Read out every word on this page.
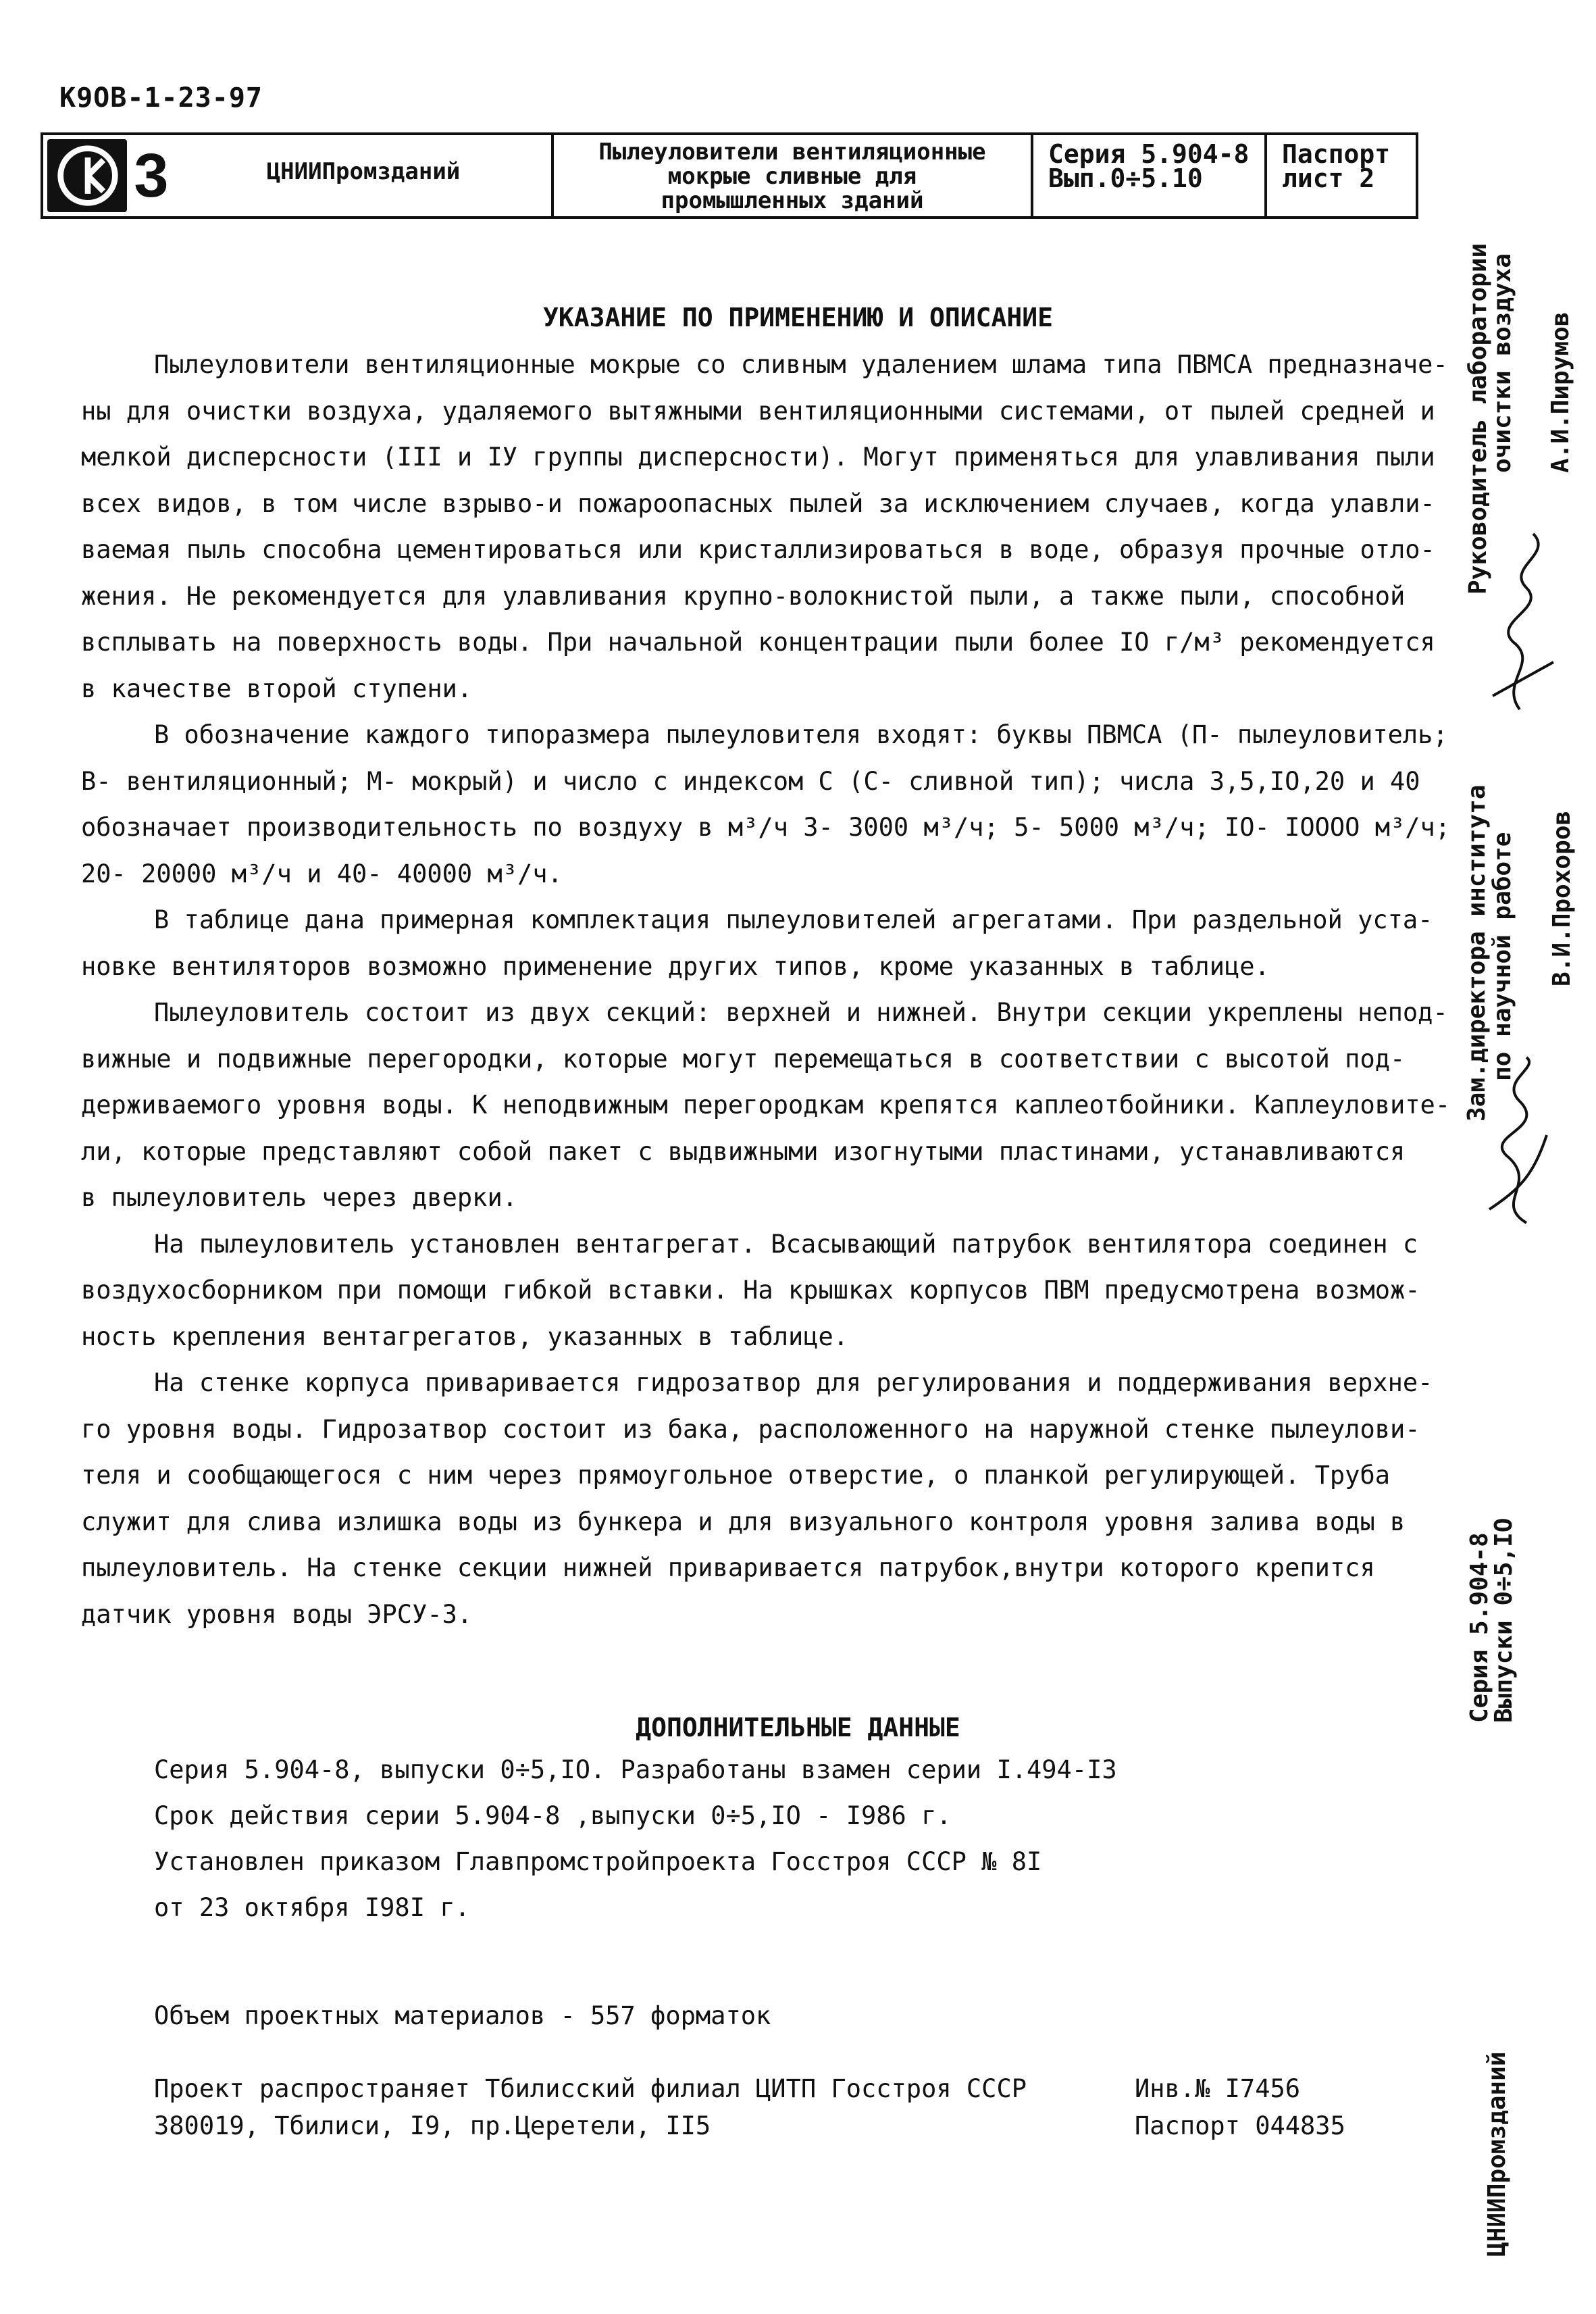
К9OB-1-23-97
3	ЦНИИПромзданий
Пылеуловители вентиляционные
мокрые сливные для
промышленных зданий
Серия 5.904-8
Вып.0÷5.10
Паспорт
лист 2
УКАЗАНИЕ ПО ПРИМЕНЕНИЮ И ОПИСАНИЕ
Пылеуловители вентиляционные мокрые со сливным удалением шлама типа ПВМСА предназначе-
ны для очистки воздуха, удаляемого вытяжными вентиляционными системами, от пылей средней и
мелкой дисперсности (III и IУ группы дисперсности). Могут применяться для улавливания пыли
всех видов, в том числе взрыво-и пожароопасных пылей за исключением случаев, когда улавли-
ваемая пыль способна цементироваться или кристаллизироваться в воде, образуя прочные отло-
жения. Не рекомендуется для улавливания крупно-волокнистой пыли, а также пыли, способной
всплывать на поверхность воды. При начальной концентрации пыли более IO г/м³ рекомендуется
в качестве второй ступени.
В обозначение каждого типоразмера пылеуловителя входят: буквы ПВМСА (П- пылеуловитель;
В- вентиляционный; М- мокрый) и число с индексом С (С- сливной тип); числа 3,5,IO,20 и 40
обозначает производительность по воздуху в м³/ч 3- 3000 м³/ч; 5- 5000 м³/ч; IO- IOOOO м³/ч;
20- 20000 м³/ч и 40- 40000 м³/ч.
В таблице дана примерная комплектация пылеуловителей агрегатами. При раздельной уста-
новке вентиляторов возможно применение других типов, кроме указанных в таблице.
Пылеуловитель состоит из двух секций: верхней и нижней. Внутри секции укреплены непод-
вижные и подвижные перегородки, которые могут перемещаться в соответствии с высотой под-
держиваемого уровня воды. К неподвижным перегородкам крепятся каплеотбойники. Каплеуловите-
ли, которые представляют собой пакет с выдвижными изогнутыми пластинами, устанавливаются
в пылеуловитель через дверки.
На пылеуловитель установлен вентагрегат. Всасывающий патрубок вентилятора соединен с
воздухосборником при помощи гибкой вставки. На крышках корпусов ПВМ предусмотрена возмож-
ность крепления вентагрегатов, указанных в таблице.
На стенке корпуса приваривается гидрозатвор для регулирования и поддерживания верхне-
го уровня воды. Гидрозатвор состоит из бака, расположенного на наружной стенке пылеулови-
теля и сообщающегося с ним через прямоугольное отверстие, о планкой регулирующей. Труба
служит для слива излишка воды из бункера и для визуального контроля уровня залива воды в
пылеуловитель. На стенке секции нижней приваривается патрубок,внутри которого крепится
датчик уровня воды ЭРСУ-3.
ДОПОЛНИТЕЛЬНЫЕ ДАННЫЕ
Серия 5.904-8, выпуски 0÷5,IO. Разработаны взамен серии I.494-I3
Срок действия серии 5.904-8 ,выпуски 0÷5,IO - I986 г.
Установлен приказом Главпромстройпроекта Госстроя СССР № 8I
от 23 октября I98I г.
Объем проектных материалов - 557 форматок
Проект распространяет Тбилисский филиал ЦИТП Госстроя СССР
380019, Тбилиси, I9, пр.Церетели, II5
Инв.№ I7456
Паспорт 044835
Руководитель лаборатории
очистки воздуха А.И.Пирумов
Зам.директора института
по научной работе В.И.Прохоров
Серия 5.904-8
Выпуски 0÷5,IO
ЦНИИПромзданий
